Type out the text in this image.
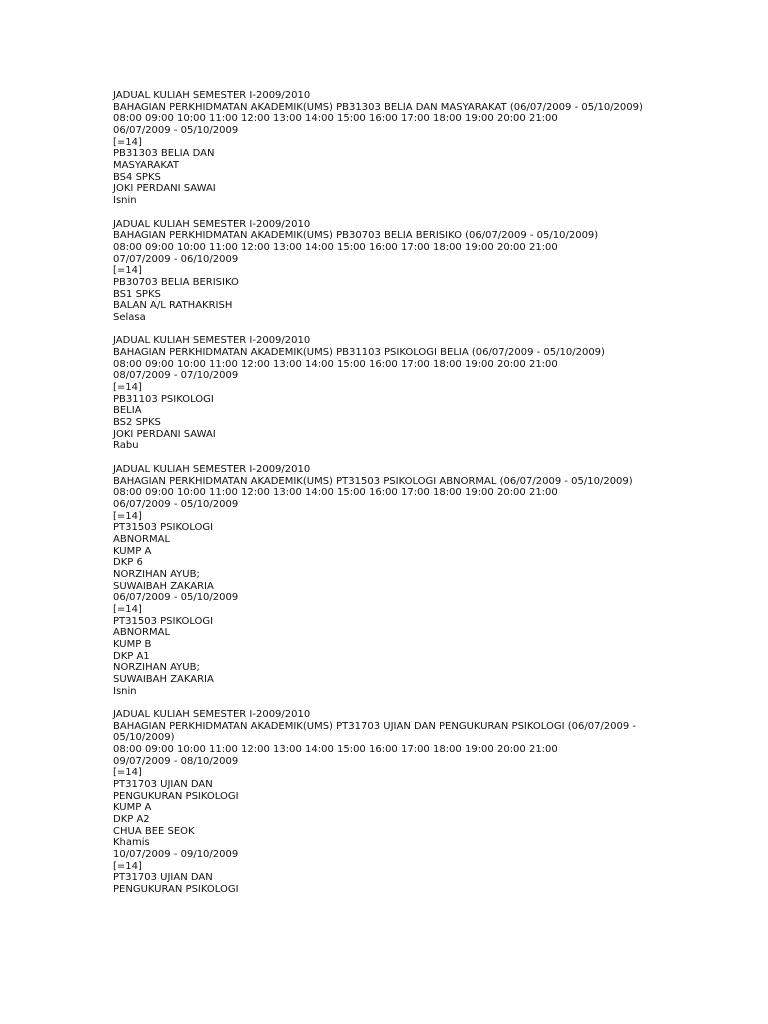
JADUAL KULIAH SEMESTER I-2009/2010
BAHAGIAN PERKHIDMATAN AKADEMIK(UMS) PB31303 BELIA DAN MASYARAKAT (06/07/2009 - 05/10/2009)
08:00 09:00 10:00 11:00 12:00 13:00 14:00 15:00 16:00 17:00 18:00 19:00 20:00 21:00
06/07/2009 - 05/10/2009
[=14]
PB31303 BELIA DAN
MASYARAKAT
BS4 SPKS
JOKI PERDANI SAWAI
Isnin
JADUAL KULIAH SEMESTER I-2009/2010
BAHAGIAN PERKHIDMATAN AKADEMIK(UMS) PB30703 BELIA BERISIKO (06/07/2009 - 05/10/2009)
08:00 09:00 10:00 11:00 12:00 13:00 14:00 15:00 16:00 17:00 18:00 19:00 20:00 21:00
07/07/2009 - 06/10/2009
[=14]
PB30703 BELIA BERISIKO
BS1 SPKS
BALAN A/L RATHAKRISH
Selasa
JADUAL KULIAH SEMESTER I-2009/2010
BAHAGIAN PERKHIDMATAN AKADEMIK(UMS) PB31103 PSIKOLOGI BELIA (06/07/2009 - 05/10/2009)
08:00 09:00 10:00 11:00 12:00 13:00 14:00 15:00 16:00 17:00 18:00 19:00 20:00 21:00
08/07/2009 - 07/10/2009
[=14]
PB31103 PSIKOLOGI
BELIA
BS2 SPKS
JOKI PERDANI SAWAI
Rabu
JADUAL KULIAH SEMESTER I-2009/2010
BAHAGIAN PERKHIDMATAN AKADEMIK(UMS) PT31503 PSIKOLOGI ABNORMAL (06/07/2009 - 05/10/2009)
08:00 09:00 10:00 11:00 12:00 13:00 14:00 15:00 16:00 17:00 18:00 19:00 20:00 21:00
06/07/2009 - 05/10/2009
[=14]
PT31503 PSIKOLOGI
ABNORMAL
KUMP A
DKP 6
NORZIHAN AYUB;
SUWAIBAH ZAKARIA
06/07/2009 - 05/10/2009
[=14]
PT31503 PSIKOLOGI
ABNORMAL
KUMP B
DKP A1
NORZIHAN AYUB;
SUWAIBAH ZAKARIA
Isnin
JADUAL KULIAH SEMESTER I-2009/2010
BAHAGIAN PERKHIDMATAN AKADEMIK(UMS) PT31703 UJIAN DAN PENGUKURAN PSIKOLOGI (06/07/2009 -
05/10/2009)
08:00 09:00 10:00 11:00 12:00 13:00 14:00 15:00 16:00 17:00 18:00 19:00 20:00 21:00
09/07/2009 - 08/10/2009
[=14]
PT31703 UJIAN DAN
PENGUKURAN PSIKOLOGI
KUMP A
DKP A2
CHUA BEE SEOK
Khamis
10/07/2009 - 09/10/2009
[=14]
PT31703 UJIAN DAN
PENGUKURAN PSIKOLOGI
